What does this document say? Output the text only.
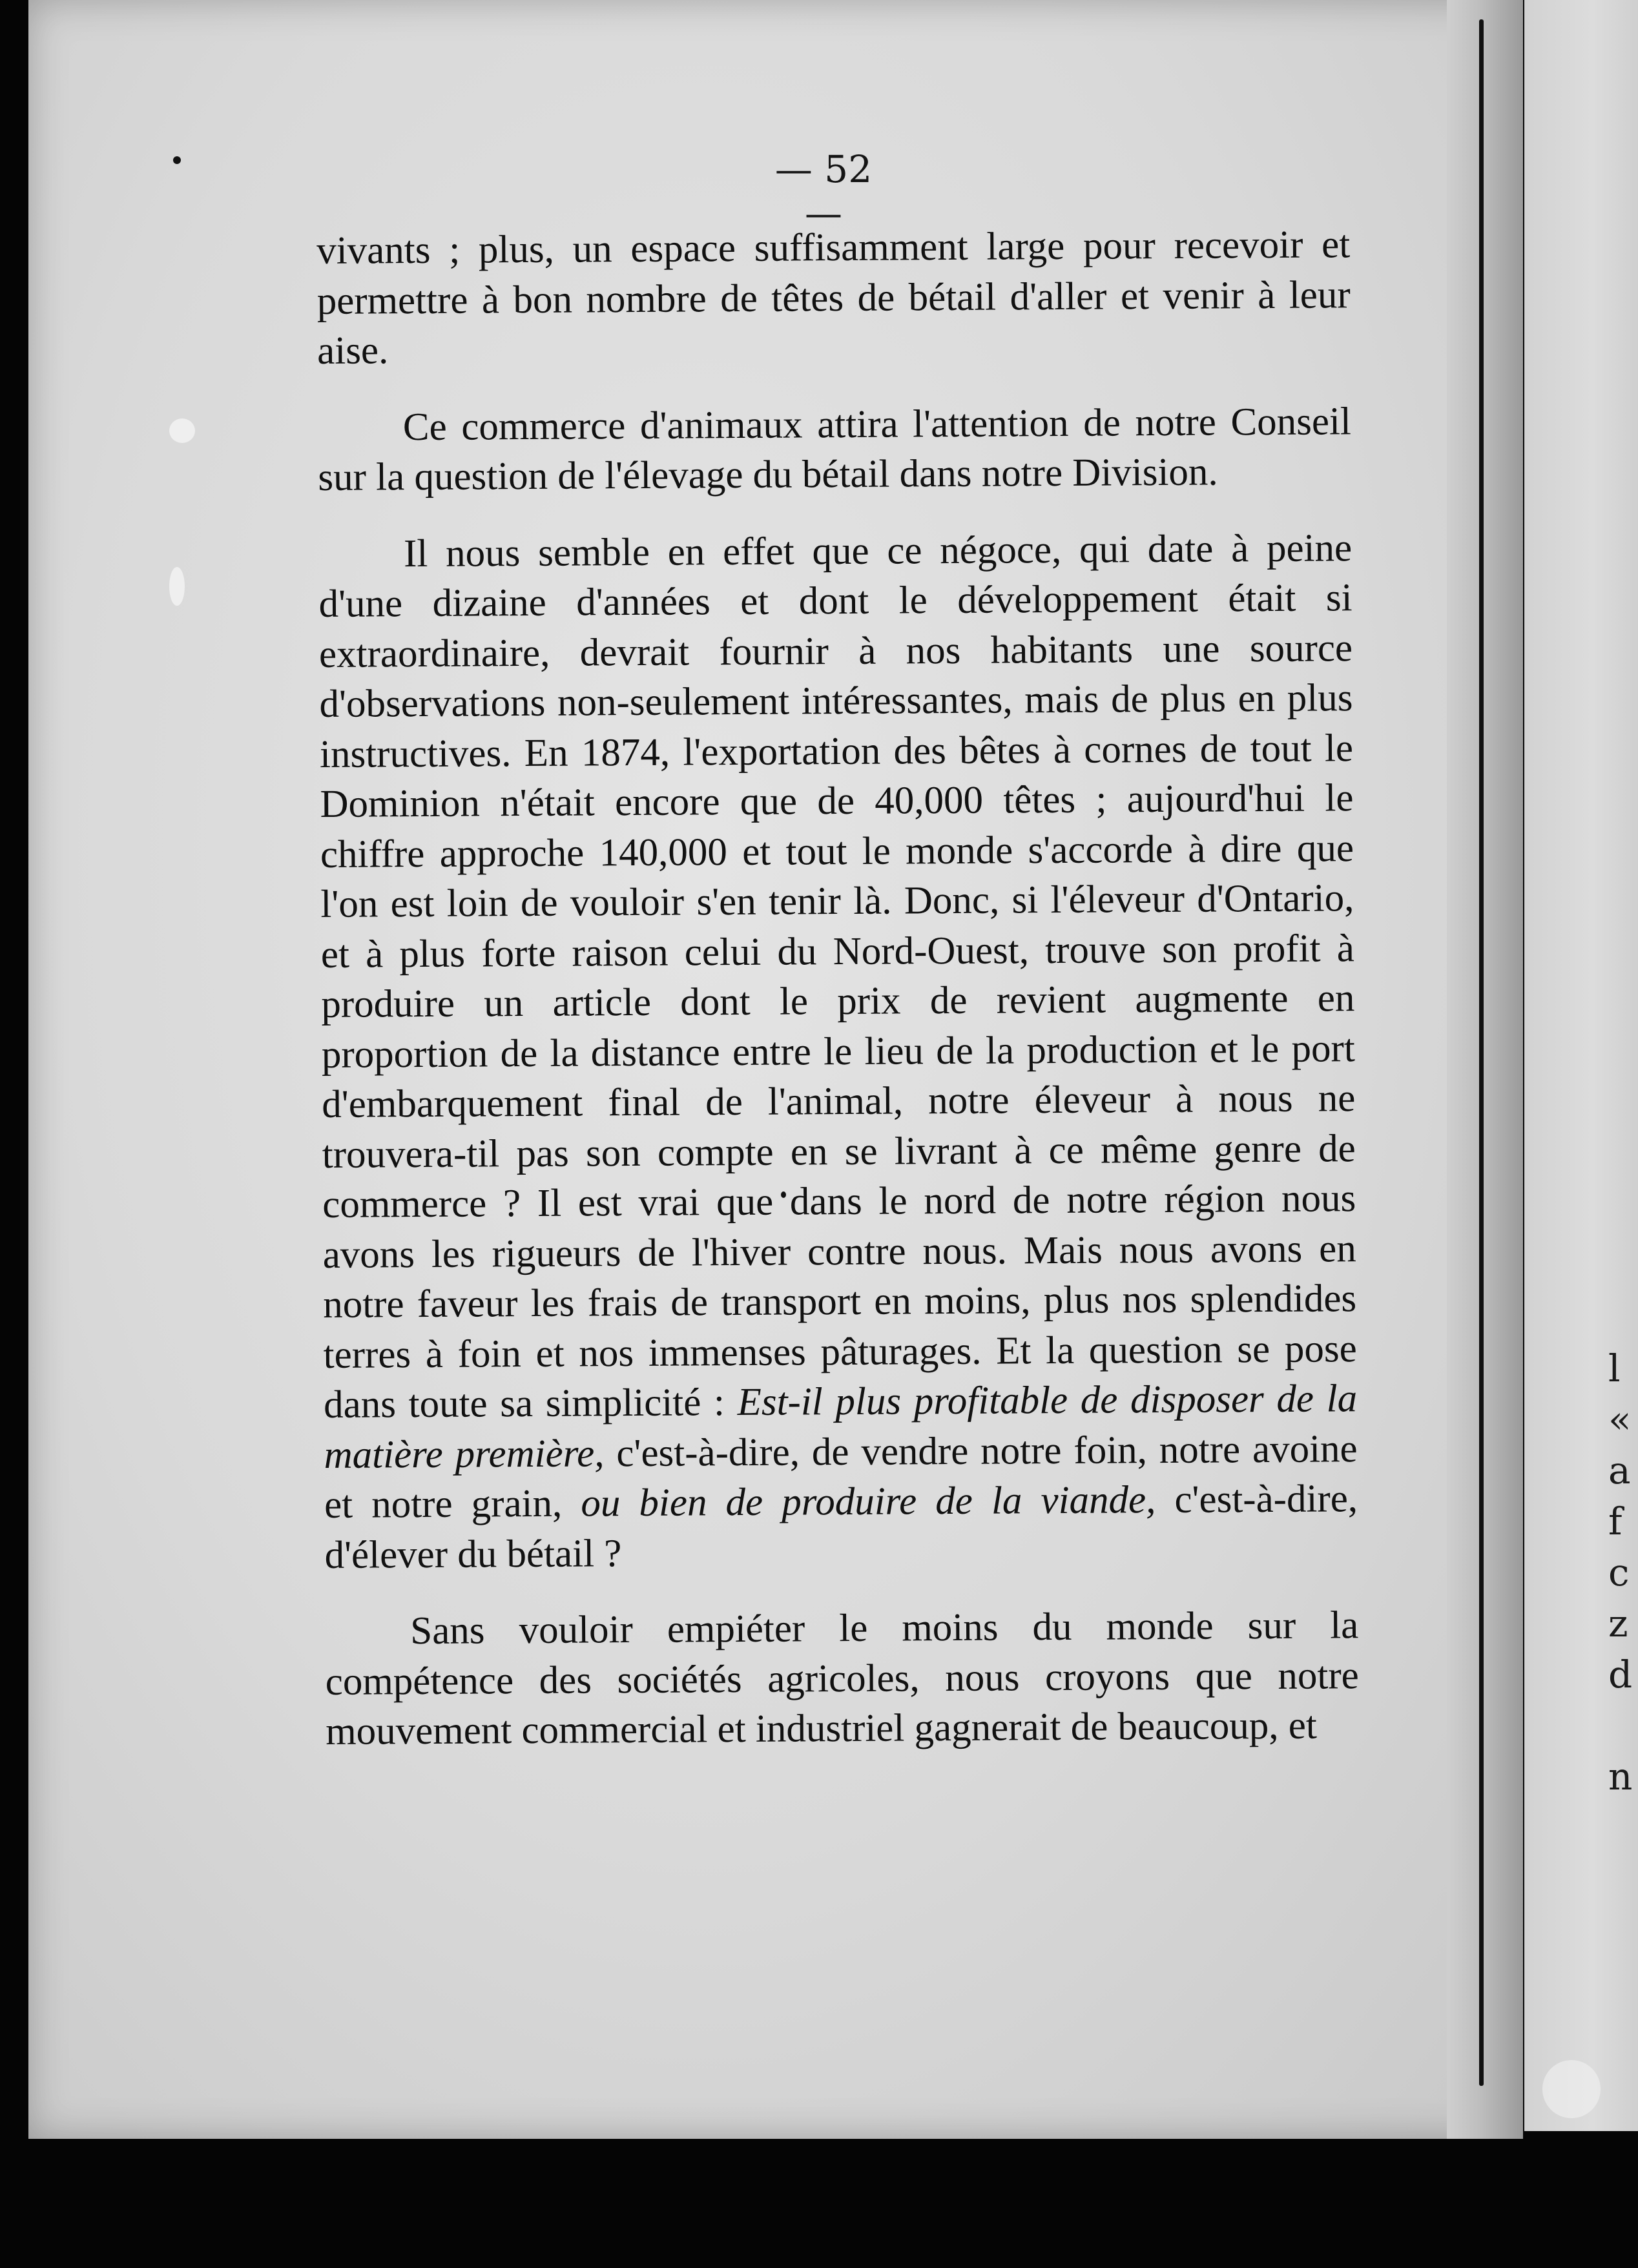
l
«
a
f
c
z
d

n
— 52 —

vivants ; plus, un espace suffisamment large pour recevoir et permettre à bon nombre de têtes de bétail d'aller et venir à leur aise.

Ce commerce d'animaux attira l'attention de notre Conseil sur la question de l'élevage du bétail dans notre Division.

Il nous semble en effet que ce négoce, qui date à peine d'une dizaine d'années et dont le développement était si extraordinaire, devrait fournir à nos habitants une source d'observations non-seulement intéressantes, mais de plus en plus instructives. En 1874, l'exportation des bêtes à cornes de tout le Dominion n'était encore que de 40,000 têtes ; aujourd'hui le chiffre approche 140,000 et tout le monde s'accorde à dire que l'on est loin de vouloir s'en tenir là. Donc, si l'éleveur d'Ontario, et à plus forte raison celui du Nord-Ouest, trouve son profit à produire un article dont le prix de revient augmente en proportion de la distance entre le lieu de la production et le port d'embarquement final de l'animal, notre éleveur à nous ne trouvera-til pas son compte en se livrant à ce même genre de commerce ? Il est vrai que dans le nord de notre région nous avons les rigueurs de l'hiver contre nous. Mais nous avons en notre faveur les frais de transport en moins, plus nos splendides terres à foin et nos immenses pâturages. Et la question se pose dans toute sa simplicité : Est-il plus profitable de disposer de la matière première, c'est-à-dire, de vendre notre foin, notre avoine et notre grain, ou bien de produire de la viande, c'est-à-dire, d'élever du bétail ?

Sans vouloir empiéter le moins du monde sur la compétence des sociétés agricoles, nous croyons que notre mouvement commercial et industriel gagnerait de beaucoup, et
